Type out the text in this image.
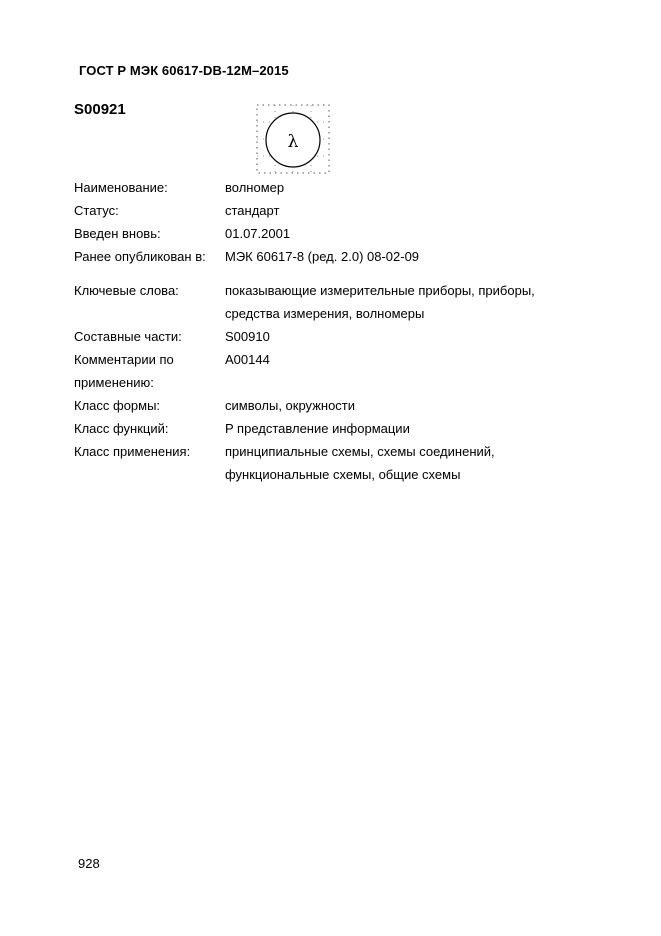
ГОСТ Р МЭК 60617-DB-12M–2015
S00921
λ
Наименование:	волномер
Статус:	стандарт
Введен вновь:	01.07.2001
Ранее опубликован в: МЭК 60617-8 (ред. 2.0) 08-02-09
Ключевые слова:	показывающие измерительные приборы, приборы,
средства измерения, волномеры
Составные части:	S00910
Комментарии по
применению:
A00144
Класс формы:	символы, окружности
Класс функций:	P представление информации
Класс применения:	принципиальные схемы, схемы соединений,
функциональные схемы, общие схемы
928
